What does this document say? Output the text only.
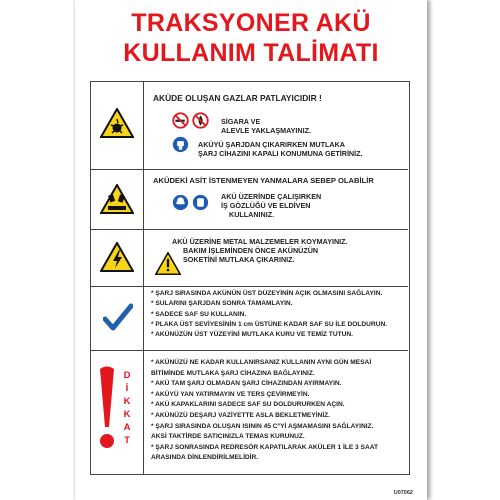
TRAKSYONER AKÜ
KULLANIM TALİMATI
AKÜDE OLUŞAN GAZLAR PATLAYICIDIR !
SİGARA VE
ALEVLE YAKLAŞMAYINIZ.
AKÜYÜ ŞARJDAN ÇIKARIRKEN MUTLAKA
ŞARJ CİHAZINI KAPALI KONUMUNA GETİRİNİZ.
AKÜDEKİ ASİT İSTENMEYEN YANMALARA SEBEP OLABİLİR
AKÜ ÜZERİNDE ÇALIŞIRKEN
İŞ GÖZLÜĞÜ VE ELDİVEN
KULLANINIZ.
AKÜ ÜZERİNE METAL MALZEMELER KOYMAYINIZ.
BAKIM İŞLEMİNDEN ÖNCE AKÜNÜZÜN
SOKETİNİ MUTLAKA ÇIKARINIZ.
* ŞARJ SIRASINDA AKÜNÜN ÜST DÜZEYİNİN AÇIK OLMASINI SAĞLAYIN.
* SULARINI ŞARJDAN SONRA TAMAMLAYIN.
* SADECE SAF SU KULLANIN.
* PLAKA ÜST SEVİYESİNİN 1 cm ÜSTÜNE KADAR SAF SU İLE DOLDURUN.
* AKÜNÜZÜN ÜST YÜZEYİNİ MUTLAKA KURU VE TEMİZ TUTUN.
D
İ
K
K
A
T
* AKÜNÜZÜ NE KADAR KULLANIRSANIZ KULLANIN AYNI GÜN MESAİ
BİTİMİNDE MUTLAKA ŞARJ CİHAZINA BAĞLAYINIZ.
* AKÜ TAM ŞARJ OLMADAN ŞARJ CİHAZINDAN AYIRMAYIN.
* AKÜYÜ YAN YATIRMAYIN VE TERS ÇEVİRMEYİN.
* AKÜ KAPAKLARINI SADECE SAF SU DOLDURURKEN AÇIN.
* AKÜNÜZÜ DEŞARJ VAZİYETTE ASLA BEKLETMEYİNİZ.
* ŞARJ SIRASINDA OLUŞAN ISININ 45 C°Yİ AŞMAMASINI SAĞLAYINIZ.
AKSİ TAKTİRDE SATICINIZLA TEMAS KURUNUZ.
* ŞARJ SONRASINDA REDRESÖR KAPATILARAK AKÜLER 1 İLE 3 SAAT
ARASINDA DİNLENDİRİLMELİDİR.
U07062
